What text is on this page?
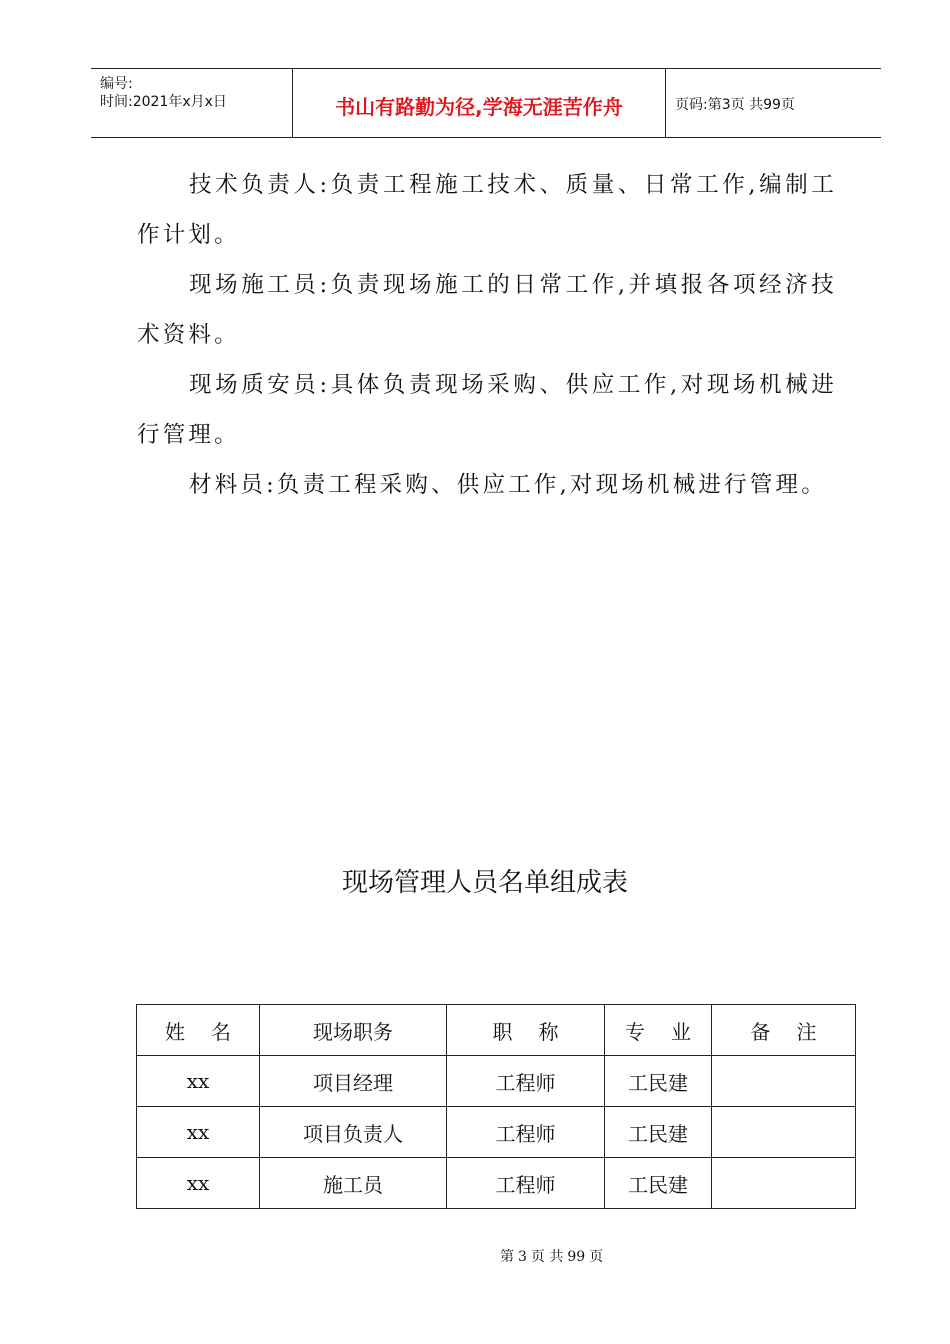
编号:
时间:2021年x月x日	书山有路勤为径,学海无涯苦作舟	页码:第3页 共99页

技术负责人:负责工程施工技术、质量、日常工作,编制工作计划。

现场施工员:负责现场施工的日常工作,并填报各项经济技术资料。

现场质安员:具体负责现场采购、供应工作,对现场机械进行管理。

材料员:负责工程采购、供应工作,对现场机械进行管理。

现场管理人员名单组成表
姓名	现场职务	职称	专业	备注
xx	项目经理	工程师	工民建	
xx	项目负责人	工程师	工民建	
xx	施工员	工程师	工民建	
第 3 页 共 99 页
